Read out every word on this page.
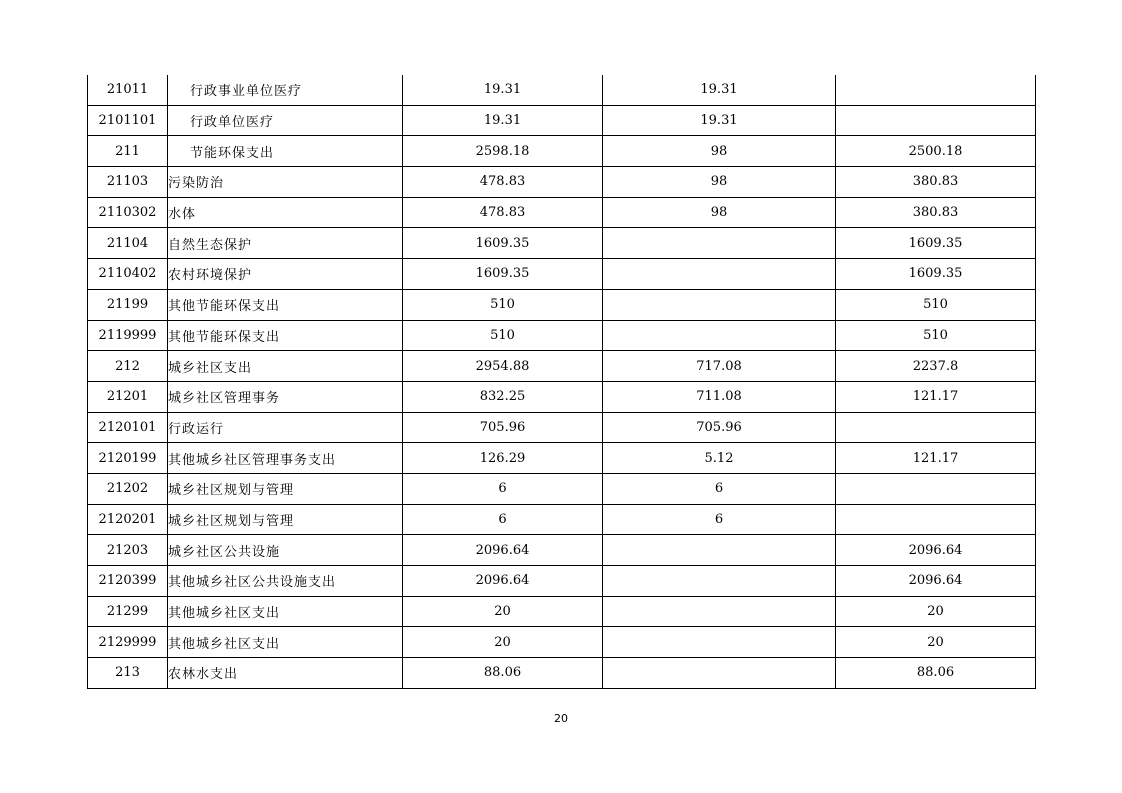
21011	行政事业单位医疗	19.31	19.31	
2101101	行政单位医疗	19.31	19.31	
211	节能环保支出	2598.18	98	2500.18
21103	污染防治	478.83	98	380.83
2110302	水体	478.83	98	380.83
21104	自然生态保护	1609.35		1609.35
2110402	农村环境保护	1609.35		1609.35
21199	其他节能环保支出	510		510
2119999	其他节能环保支出	510		510
212	城乡社区支出	2954.88	717.08	2237.8
21201	城乡社区管理事务	832.25	711.08	121.17
2120101	行政运行	705.96	705.96	
2120199	其他城乡社区管理事务支出	126.29	5.12	121.17
21202	城乡社区规划与管理	6	6	
2120201	城乡社区规划与管理	6	6	
21203	城乡社区公共设施	2096.64		2096.64
2120399	其他城乡社区公共设施支出	2096.64		2096.64
21299	其他城乡社区支出	20		20
2129999	其他城乡社区支出	20		20
213	农林水支出	88.06		88.06
20
